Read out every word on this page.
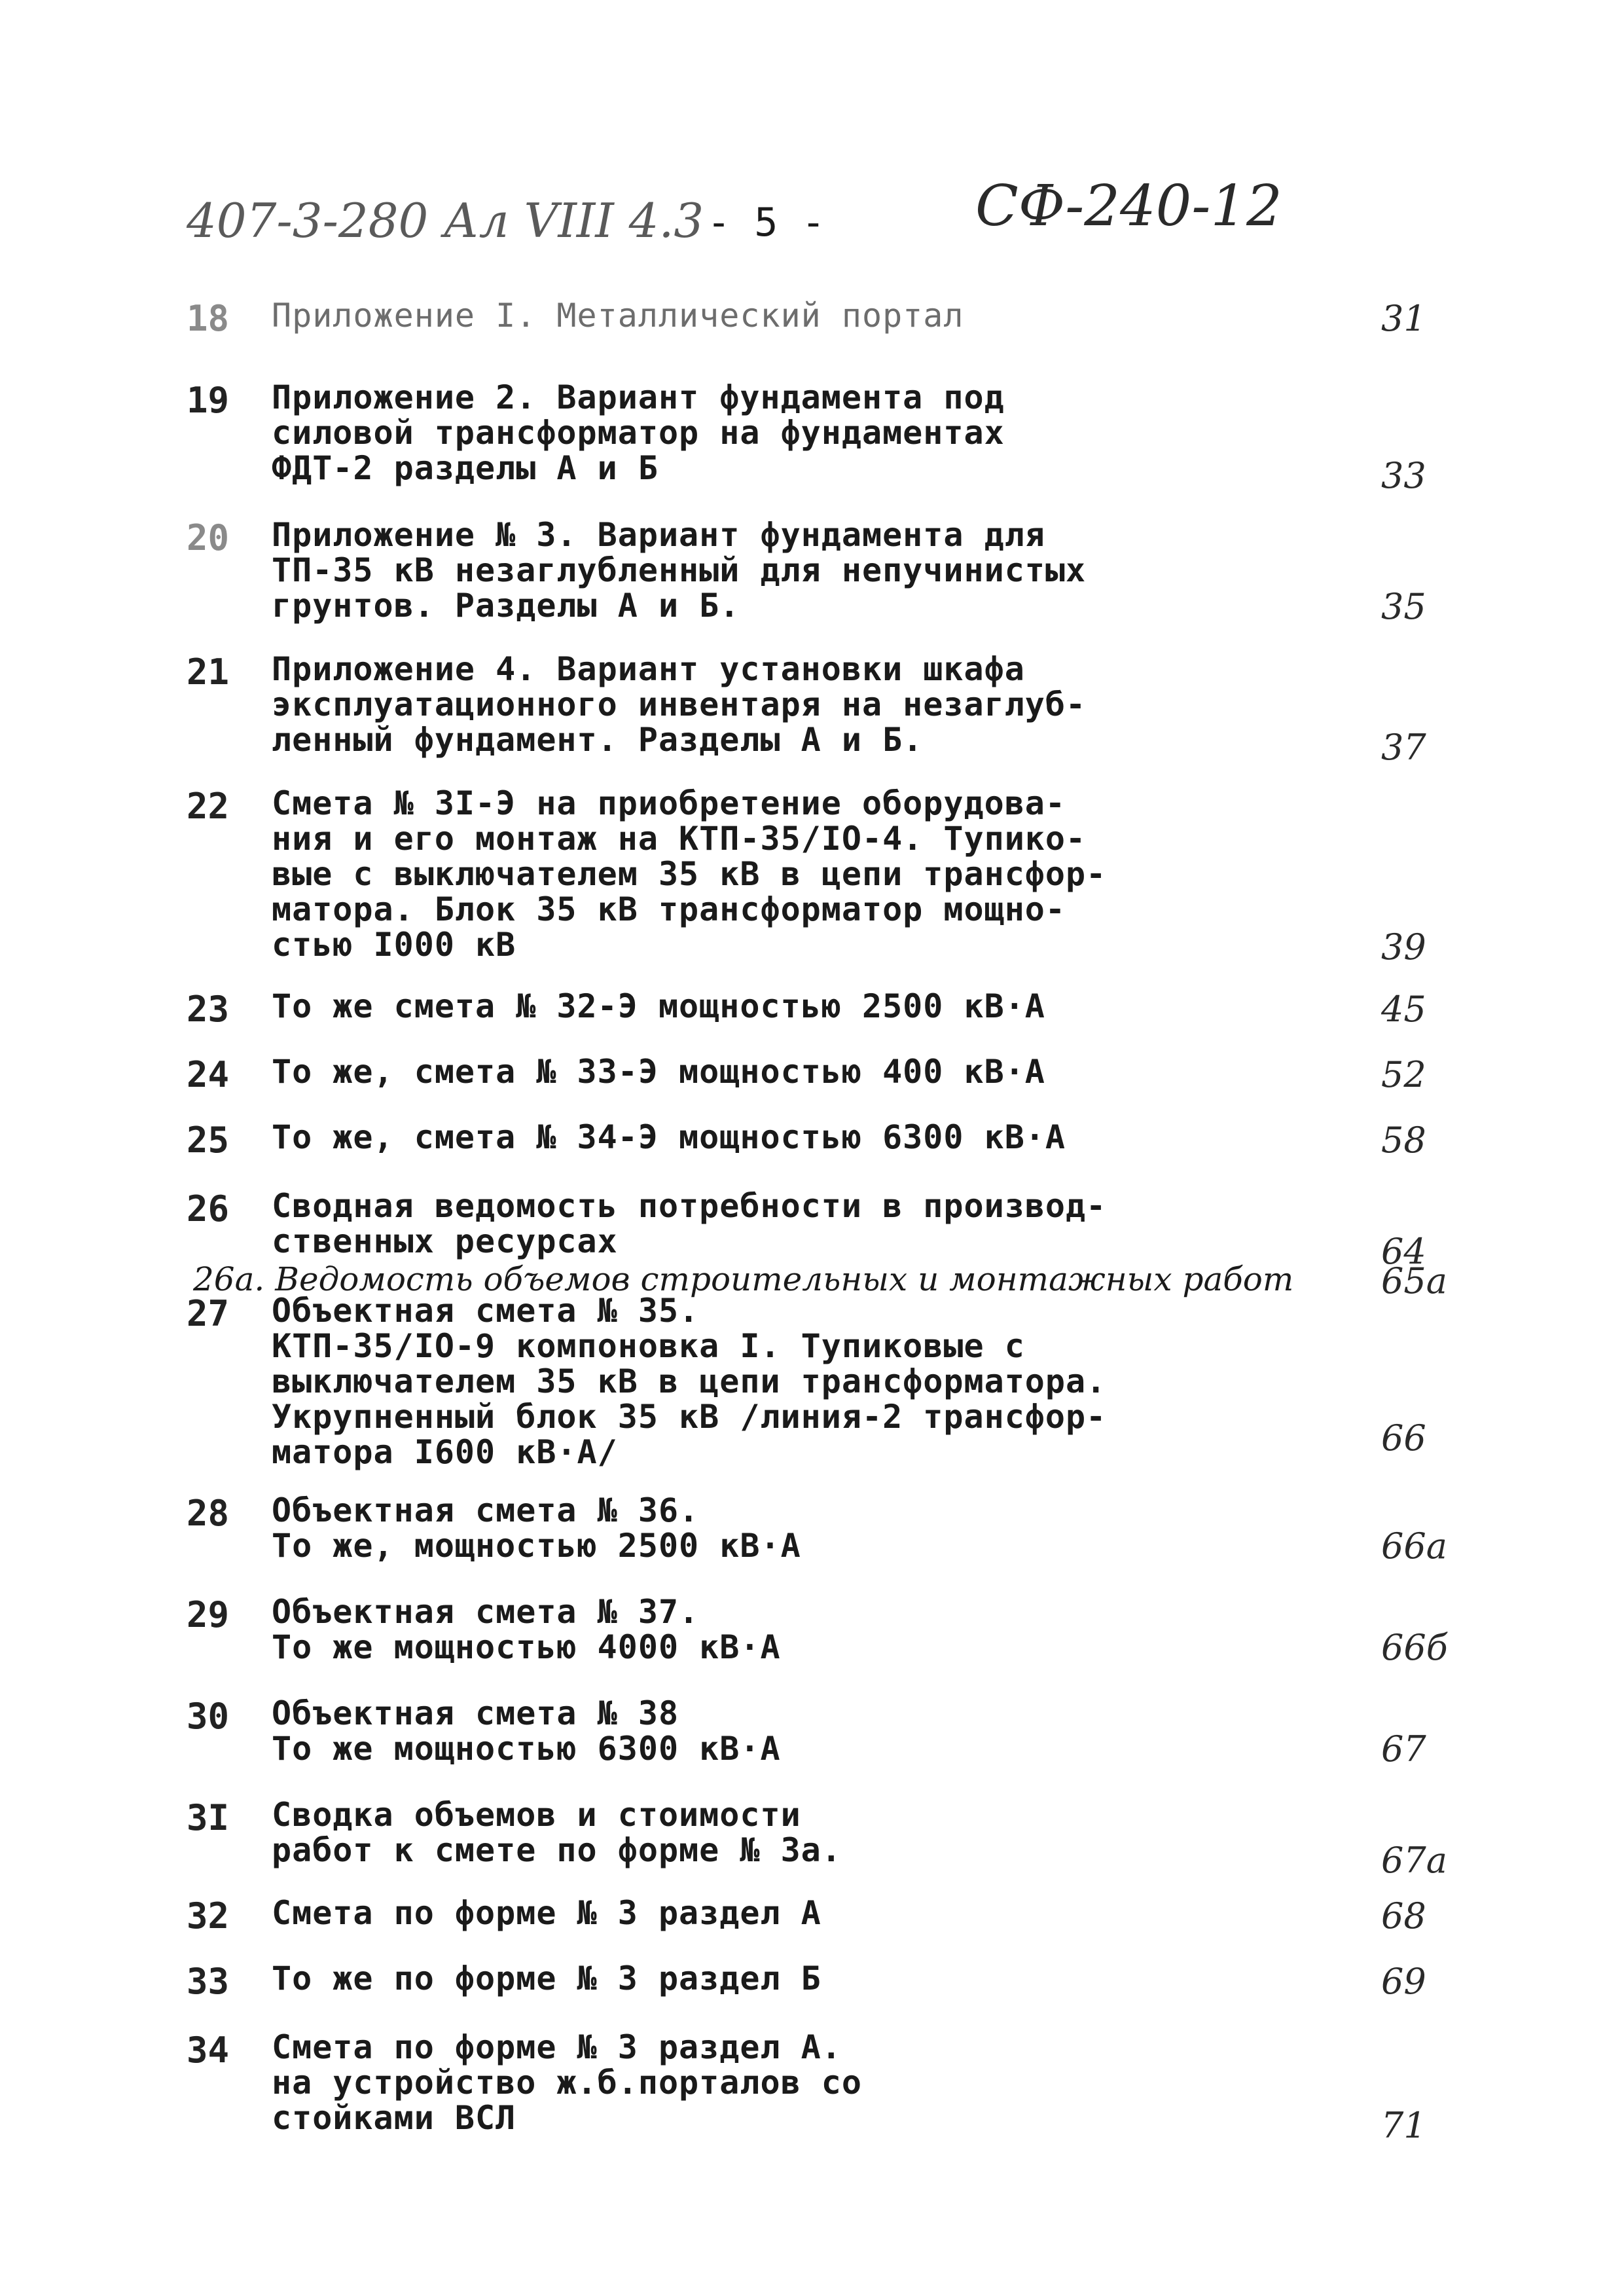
407-3-280 Ал VIII 4.3 - 5 -	СФ-240-12
18 Приложение I. Металлический портал	31
19 Приложение 2. Вариант фундамента под
силовой трансформатор на фундаментах
ФДТ-2 разделы А и Б	33
20 Приложение № 3. Вариант фундамента для
ТП-35 кВ незаглубленный для непучинистых
грунтов. Разделы А и Б.	35
21 Приложение 4. Вариант установки шкафа
эксплуатационного инвентаря на незаглуб-
ленный фундамент. Разделы А и Б.	37
22 Смета № 3I-Э на приобретение оборудова-
ния и его монтаж на КТП-35/IO-4. Тупико-
вые с выключателем 35 кВ в цепи трансфор-
матора. Блок 35 кВ трансформатор мощно-
стью I000 кВ	39
23 То же смета № 32-Э мощностью 2500 кВ·А	45
24 То же, смета № 33-Э мощностью 400 кВ·А	52
25 То же, смета № 34-Э мощностью 6300 кВ·А	58
26 Сводная ведомость потребности в производ-
ственных ресурсах	64
26а. Ведомость объемов строительных и монтажных работ 65а
27 Объектная смета № 35.
КТП-35/IO-9 компоновка I. Тупиковые с
выключателем 35 кВ в цепи трансформатора.
Укрупненный блок 35 кВ /линия-2 трансфор-
матора I600 кВ·А/	66
28 Объектная смета № 36.
То же, мощностью 2500 кВ·А	66а
29 Объектная смета № 37.
То же мощностью 4000 кВ·А	66б
30 Объектная смета № 38
То же мощностью 6300 кВ·А	67
3I Сводка объемов и стоимости
работ к смете по форме № 3а.	67а
32 Смета по форме № 3 раздел А	68
33 То же по форме № 3 раздел Б	69
34 Смета по форме № 3 раздел А.
на устройство ж.б.порталов со
стойками ВСЛ	71
